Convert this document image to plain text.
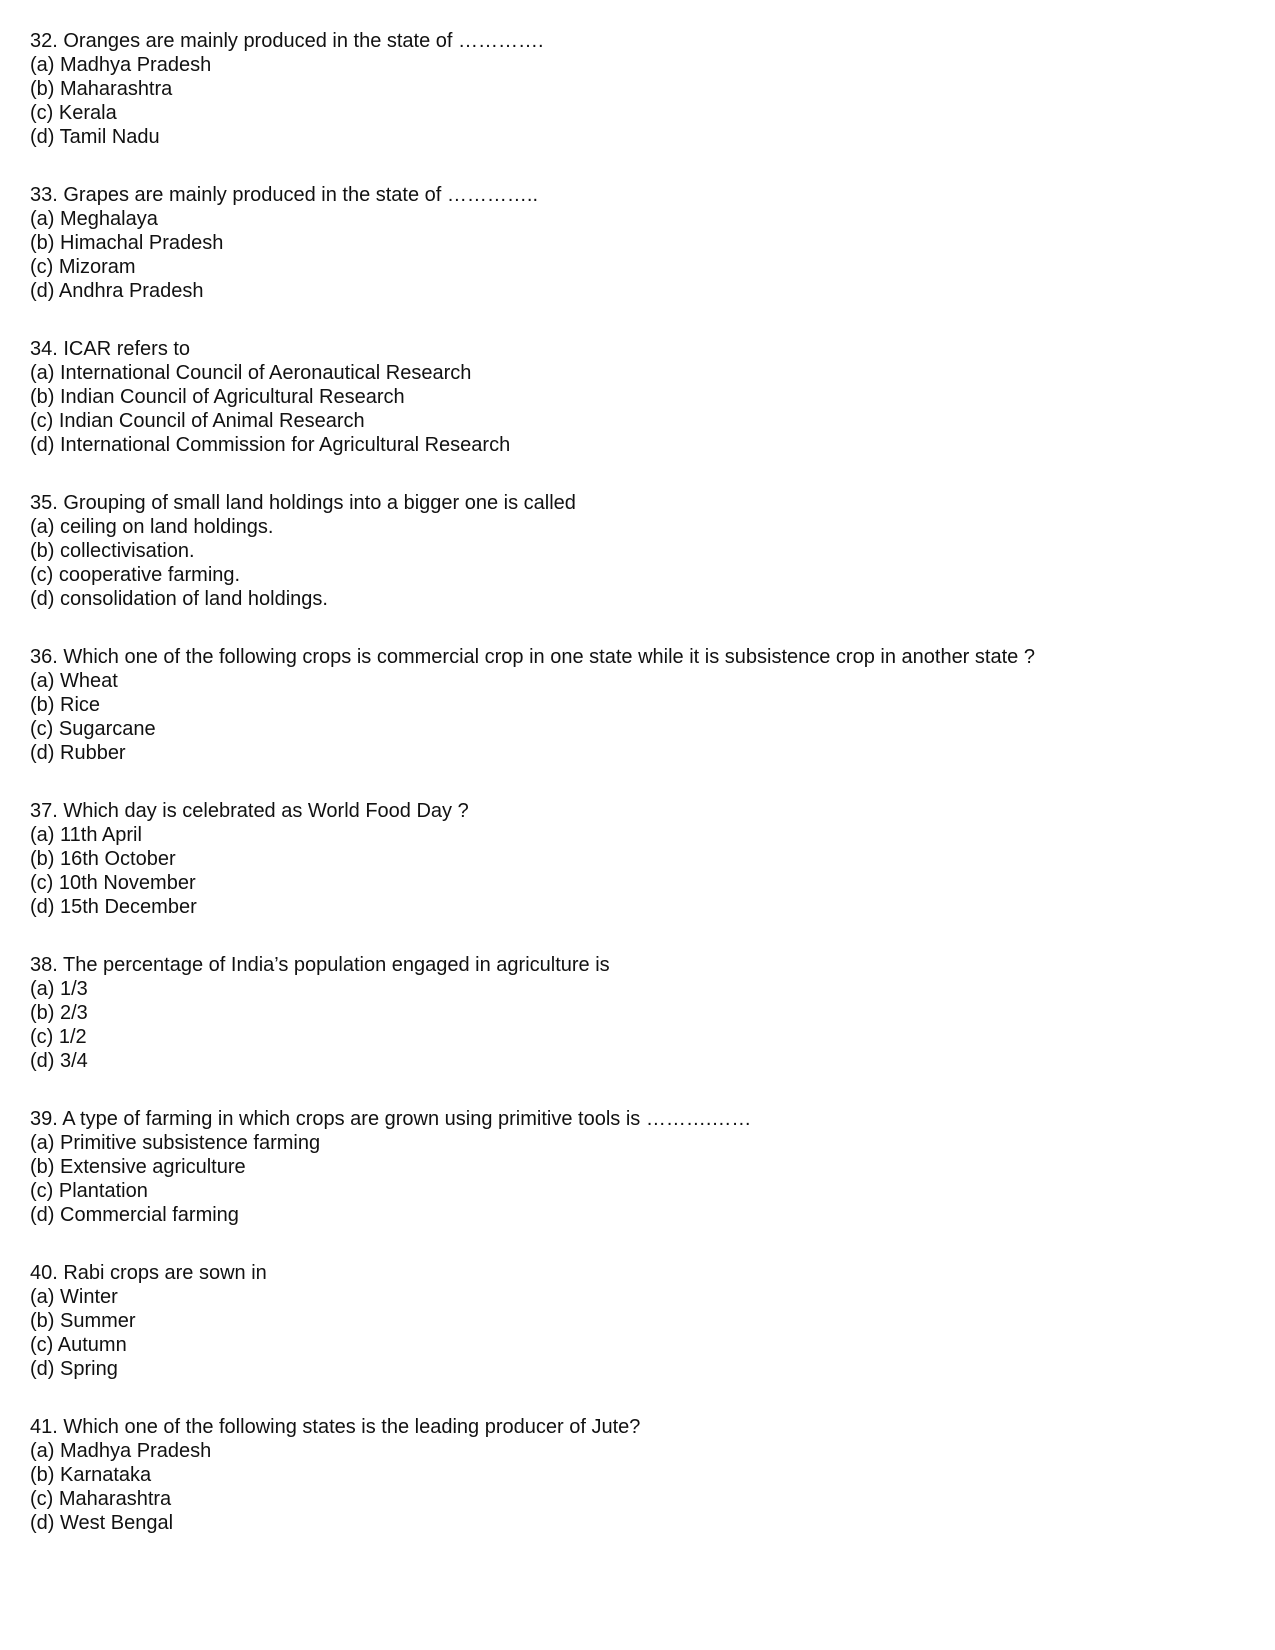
32. Oranges are mainly produced in the state of ………….
(a) Madhya Pradesh
(b) Maharashtra
(c) Kerala
(d) Tamil Nadu
33. Grapes are mainly produced in the state of …………..
(a) Meghalaya
(b) Himachal Pradesh
(c) Mizoram
(d) Andhra Pradesh
34. ICAR refers to
(a) International Council of Aeronautical Research
(b) Indian Council of Agricultural Research
(c) Indian Council of Animal Research
(d) International Commission for Agricultural Research
35. Grouping of small land holdings into a bigger one is called
(a) ceiling on land holdings.
(b) collectivisation.
(c) cooperative farming.
(d) consolidation of land holdings.
36. Which one of the following crops is commercial crop in one state while it is subsistence crop in another state ?
(a) Wheat
(b) Rice
(c) Sugarcane
(d) Rubber
37. Which day is celebrated as World Food Day ?
(a) 11th April
(b) 16th October
(c) 10th November
(d) 15th December
38. The percentage of India’s population engaged in agriculture is
(a) 1/3
(b) 2/3
(c) 1/2
(d) 3/4
39. A type of farming in which crops are grown using primitive tools is ……….……
(a) Primitive subsistence farming
(b) Extensive agriculture
(c) Plantation
(d) Commercial farming
40. Rabi crops are sown in
(a) Winter
(b) Summer
(c) Autumn
(d) Spring
41. Which one of the following states is the leading producer of Jute?
(a) Madhya Pradesh
(b) Karnataka
(c) Maharashtra
(d) West Bengal
